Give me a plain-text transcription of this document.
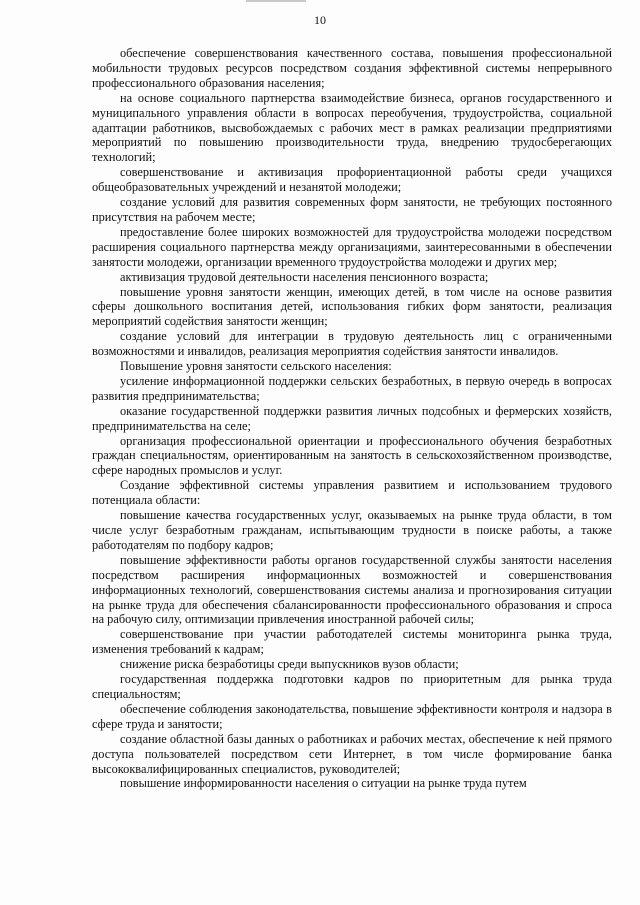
10

обеспечение совершенствования качественного состава, повышения профессиональной мобильности трудовых ресурсов посредством создания эффективной системы непрерывного профессионального образования населения;

на основе социального партнерства взаимодействие бизнеса, органов государственного и муниципального управления области в вопросах переобучения, трудоустройства, социальной адаптации работников, высвобождаемых с рабочих мест в рамках реализации предприятиями мероприятий по повышению производительности труда, внедрению трудосберегающих технологий;

совершенствование и активизация профориентационной работы среди учащихся общеобразовательных учреждений и незанятой молодежи;

создание условий для развития современных форм занятости, не требующих постоянного присутствия на рабочем месте;

предоставление более широких возможностей для трудоустройства молодежи посредством расширения социального партнерства между организациями, заинтересованными в обеспечении занятости молодежи, организации временного трудоустройства молодежи и других мер;

активизация трудовой деятельности населения пенсионного возраста;

повышение уровня занятости женщин, имеющих детей, в том числе на основе развития сферы дошкольного воспитания детей, использования гибких форм занятости, реализация мероприятий содействия занятости женщин;

создание условий для интеграции в трудовую деятельность лиц с ограниченными возможностями и инвалидов, реализация мероприятия содействия занятости инвалидов.

Повышение уровня занятости сельского населения:

усиление информационной поддержки сельских безработных, в первую очередь в вопросах развития предпринимательства;

оказание государственной поддержки развития личных подсобных и фермерских хозяйств, предпринимательства на селе;

организация профессиональной ориентации и профессионального обучения безработных граждан специальностям, ориентированным на занятость в сельскохозяйственном производстве, сфере народных промыслов и услуг.

Создание эффективной системы управления развитием и использованием трудового потенциала области:

повышение качества государственных услуг, оказываемых на рынке труда области, в том числе услуг безработным гражданам, испытывающим трудности в поиске работы, а также работодателям по подбору кадров;

повышение эффективности работы органов государственной службы занятости населения посредством расширения информационных возможностей и совершенствования информационных технологий, совершенствования системы анализа и прогнозирования ситуации на рынке труда для обеспечения сбалансированности профессионального образования и спроса на рабочую силу, оптимизации привлечения иностранной рабочей силы;

совершенствование при участии работодателей системы мониторинга рынка труда, изменения требований к кадрам;

снижение риска безработицы среди выпускников вузов области;

государственная поддержка подготовки кадров по приоритетным для рынка труда специальностям;

обеспечение соблюдения законодательства, повышение эффективности контроля и надзора в сфере труда и занятости;

создание областной базы данных о работниках и рабочих местах, обеспечение к ней прямого доступа пользователей посредством сети Интернет, в том числе формирование банка высококвалифицированных специалистов, руководителей;

повышение информированности населения о ситуации на рынке труда путем
